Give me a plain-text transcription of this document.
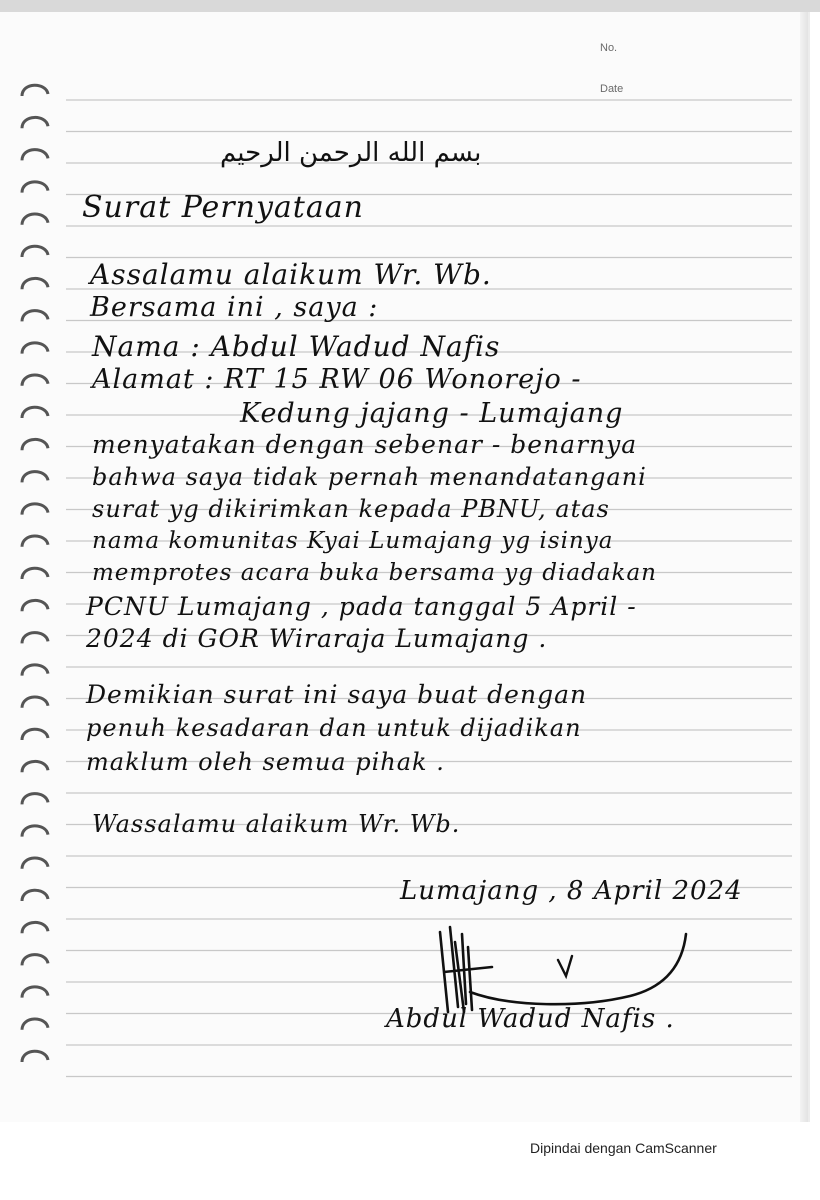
No.
Date
بسم الله الرحمن الرحيم
Surat Pernyataan
Assalamu alaikum Wr. Wb.
Bersama ini , saya :
Nama : Abdul Wadud Nafis
Alamat : RT 15 RW 06 Wonorejo -
Kedung jajang - Lumajang
menyatakan dengan sebenar - benarnya
bahwa saya tidak pernah menandatangani
surat yg dikirimkan kepada PBNU, atas
nama komunitas Kyai Lumajang yg isinya
memprotes acara buka bersama yg diadakan
PCNU Lumajang , pada tanggal 5 April -
2024 di GOR Wiraraja Lumajang .
Demikian surat ini saya buat dengan
penuh kesadaran dan untuk dijadikan
maklum oleh semua pihak .
Wassalamu alaikum Wr. Wb.
Lumajang , 8 April 2024
Abdul Wadud Nafis .
Dipindai dengan CamScanner
